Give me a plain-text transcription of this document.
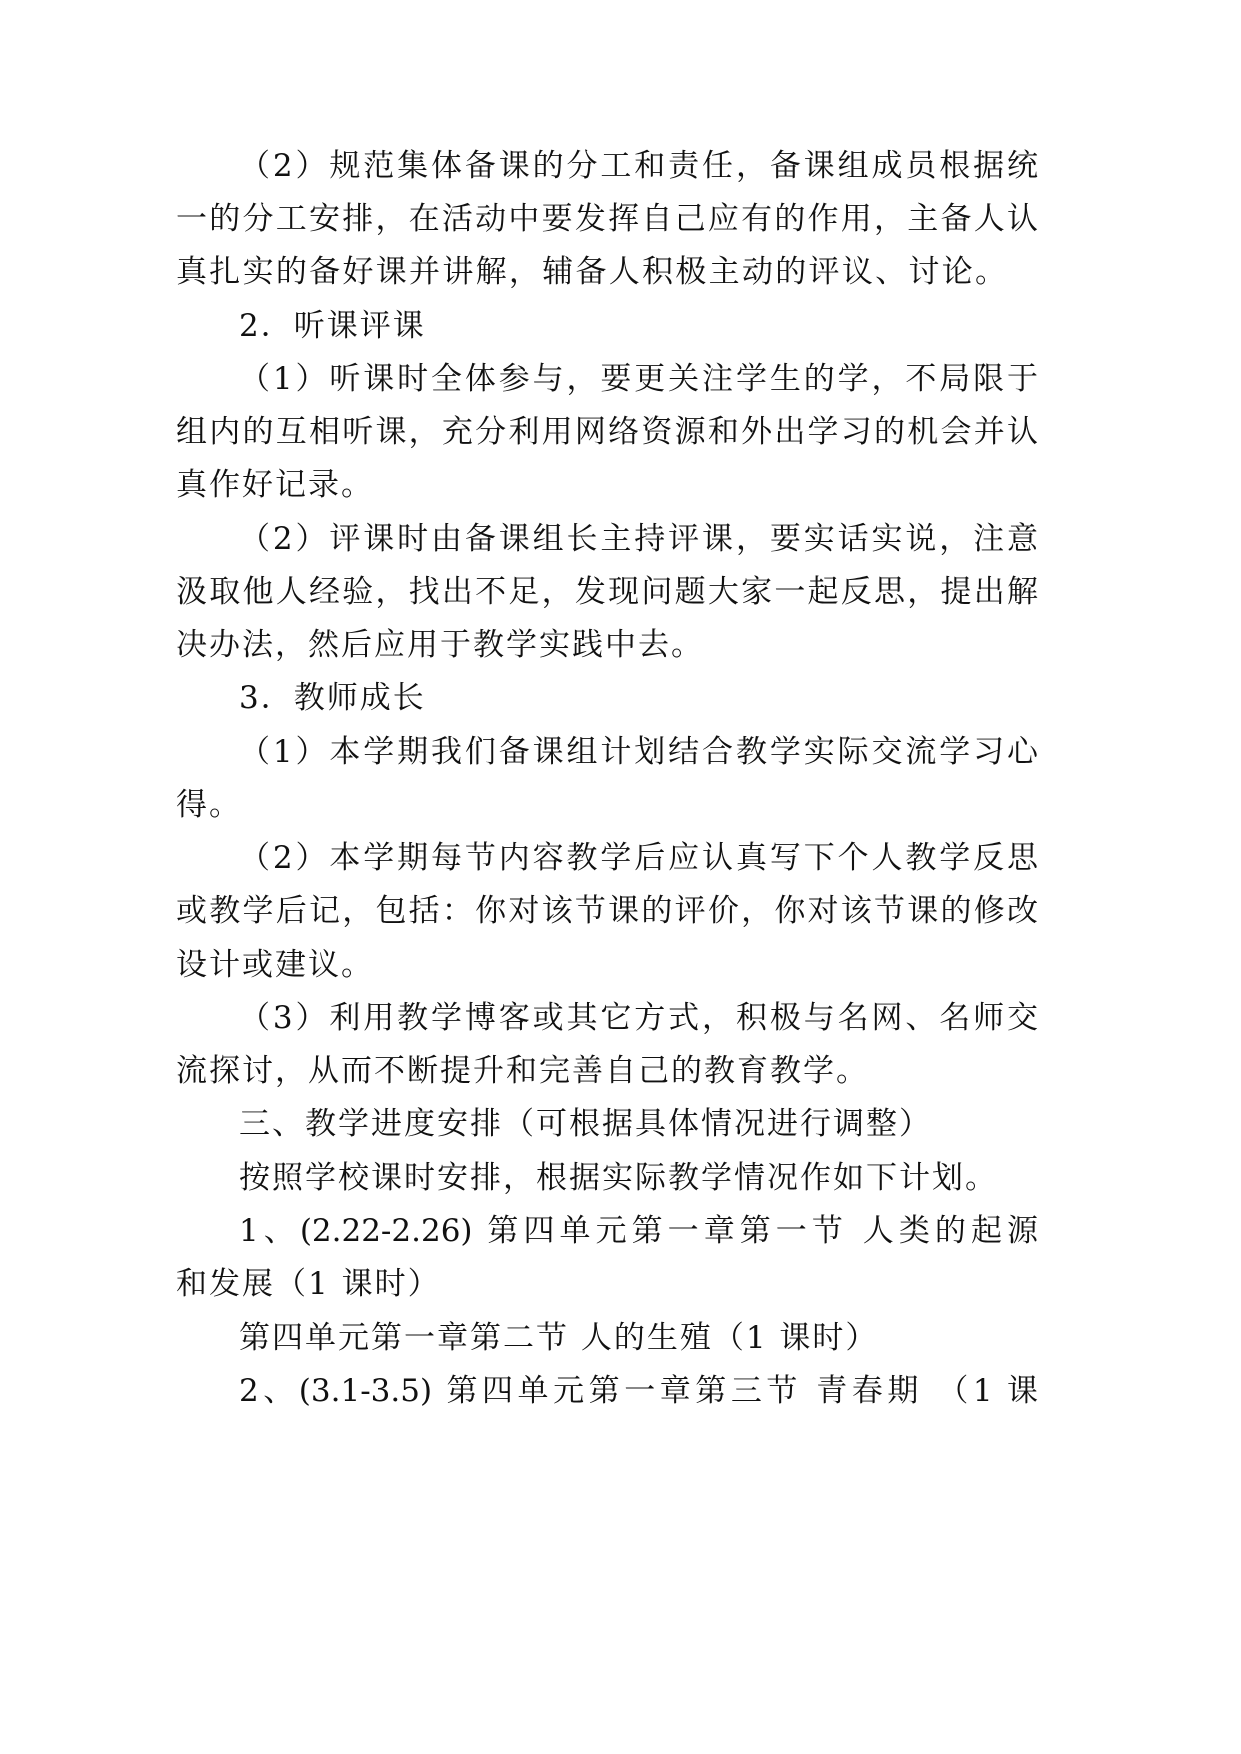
（2）规范集体备课的分工和责任，备课组成员根据统
一的分工安排，在活动中要发挥自己应有的作用，主备人认
真扎实的备好课并讲解，辅备人积极主动的评议、讨论。
2．听课评课
（1）听课时全体参与，要更关注学生的学，不局限于
组内的互相听课，充分利用网络资源和外出学习的机会并认
真作好记录。
（2）评课时由备课组长主持评课，要实话实说，注意
汲取他人经验，找出不足，发现问题大家一起反思，提出解
决办法，然后应用于教学实践中去。
3．教师成长
（1）本学期我们备课组计划结合教学实际交流学习心
得。
（2）本学期每节内容教学后应认真写下个人教学反思
或教学后记，包括：你对该节课的评价，你对该节课的修改
设计或建议。
（3）利用教学博客或其它方式，积极与名网、名师交
流探讨，从而不断提升和完善自己的教育教学。
三、教学进度安排（可根据具体情况进行调整）
按照学校课时安排，根据实际教学情况作如下计划。
1、(2.22-2.26) 第四单元第一章第一节 人类的起源
和发展（1 课时）
第四单元第一章第二节 人的生殖（1 课时）
2、(3.1-3.5) 第四单元第一章第三节 青春期 （1 课
